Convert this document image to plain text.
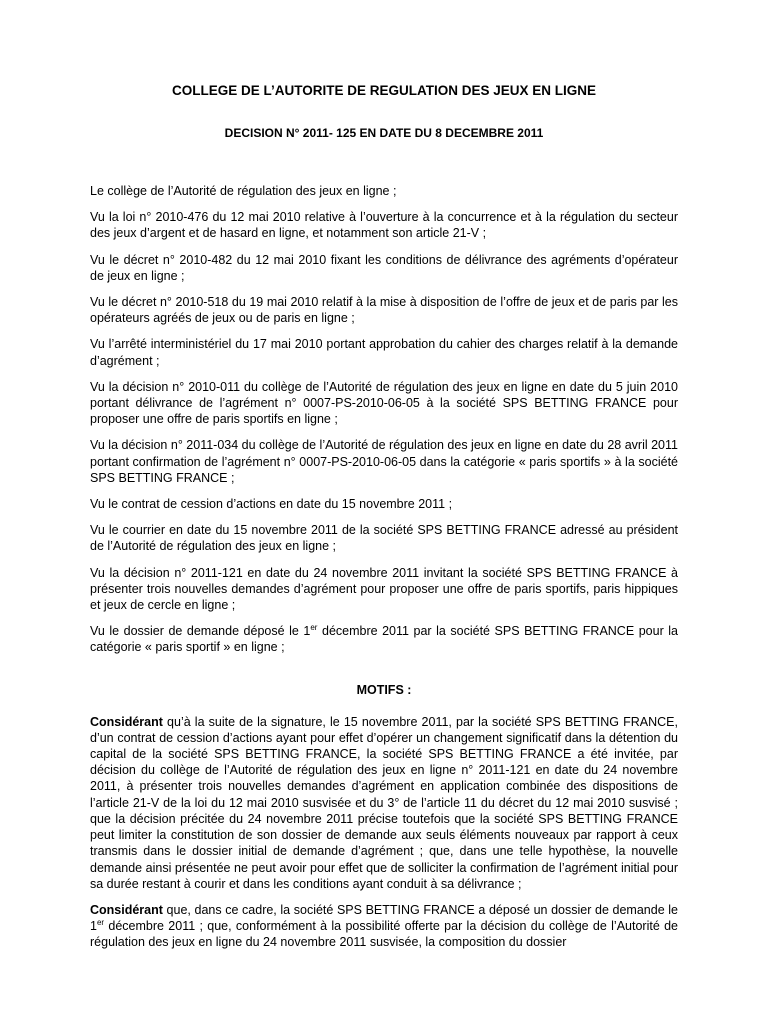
COLLEGE DE L’AUTORITE DE REGULATION DES JEUX EN LIGNE
DECISION N° 2011- 125 EN DATE DU 8 DECEMBRE 2011

Le collège de l’Autorité de régulation des jeux en ligne ;

Vu la loi n° 2010-476 du 12 mai 2010 relative à l’ouverture à la concurrence et à la régulation du secteur des jeux d’argent et de hasard en ligne, et notamment son article 21-V ;

Vu le décret n° 2010-482 du 12 mai 2010 fixant les conditions de délivrance des agréments d’opérateur de jeux en ligne ;

Vu le décret n° 2010-518 du 19 mai 2010 relatif à la mise à disposition de l’offre de jeux et de paris par les opérateurs agréés de jeux ou de paris en ligne ;

Vu l’arrêté interministériel du 17 mai 2010 portant approbation du cahier des charges relatif à la demande d’agrément ;

Vu la décision n° 2010-011 du collège de l’Autorité de régulation des jeux en ligne en date du 5 juin 2010 portant délivrance de l’agrément n° 0007-PS-2010-06-05 à la société SPS BETTING FRANCE pour proposer une offre de paris sportifs en ligne ;

Vu la décision n° 2011-034 du collège de l’Autorité de régulation des jeux en ligne en date du 28 avril 2011 portant confirmation de l’agrément n° 0007-PS-2010-06-05 dans la catégorie « paris sportifs » à la société SPS BETTING FRANCE ;

Vu le contrat de cession d’actions en date du 15 novembre 2011 ;

Vu le courrier en date du 15 novembre 2011 de la société SPS BETTING FRANCE adressé au président de l’Autorité de régulation des jeux en ligne ;

Vu la décision n° 2011-121 en date du 24 novembre 2011 invitant la société SPS BETTING FRANCE à présenter trois nouvelles demandes d’agrément pour proposer une offre de paris sportifs, paris hippiques et jeux de cercle en ligne ;

Vu le dossier de demande déposé le 1er décembre 2011 par la société SPS BETTING FRANCE pour la catégorie « paris sportif » en ligne ;

MOTIFS :

Considérant qu’à la suite de la signature, le 15 novembre 2011, par la société SPS BETTING FRANCE, d’un contrat de cession d’actions ayant pour effet d’opérer un changement significatif dans la détention du capital de la société SPS BETTING FRANCE, la société SPS BETTING FRANCE a été invitée, par décision du collège de l’Autorité de régulation des jeux en ligne n° 2011-121 en date du 24 novembre 2011, à présenter trois nouvelles demandes d’agrément en application combinée des dispositions de l’article 21-V de la loi du 12 mai 2010 susvisée et du 3° de l’article 11 du décret du 12 mai 2010 susvisé ; que la décision précitée du 24 novembre 2011 précise toutefois que la société SPS BETTING FRANCE peut limiter la constitution de son dossier de demande aux seuls éléments nouveaux par rapport à ceux transmis dans le dossier initial de demande d’agrément ; que, dans une telle hypothèse, la nouvelle demande ainsi présentée ne peut avoir pour effet que de solliciter la confirmation de l’agrément initial pour sa durée restant à courir et dans les conditions ayant conduit à sa délivrance ;

Considérant que, dans ce cadre, la société SPS BETTING FRANCE a déposé un dossier de demande le 1er décembre 2011 ; que, conformément à la possibilité offerte par la décision du collège de l’Autorité de régulation des jeux en ligne du 24 novembre 2011 susvisée, la composition du dossier
